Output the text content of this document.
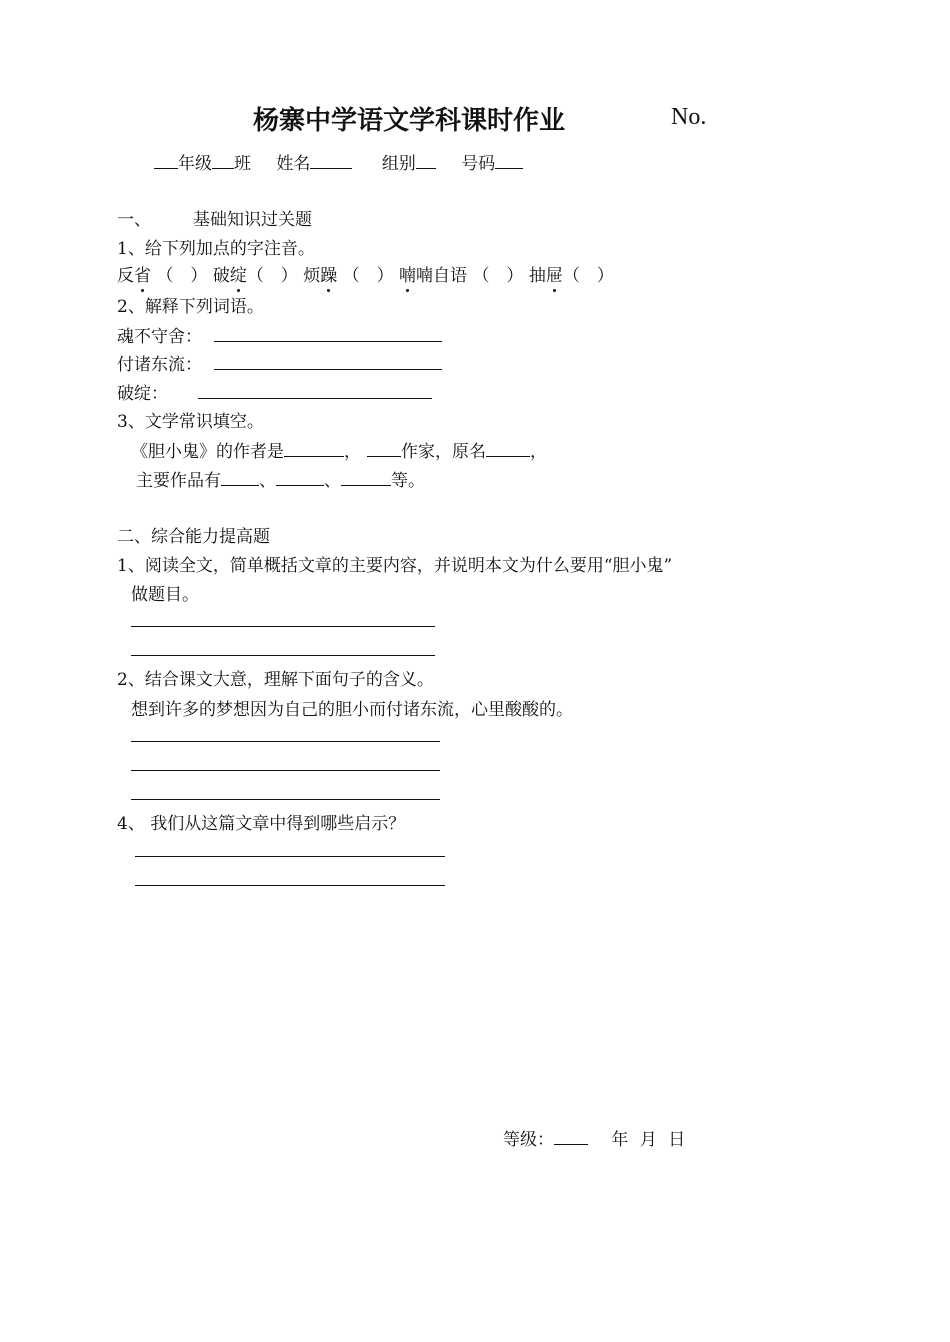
杨寨中学语文学科课时作业	No.
年级 班 姓名	组别	号码
一、 基础知识过关题
1、给下列加点的字注音。
反省 （　） 破绽（　） 烦躁 （　） 喃喃自语 （　） 抽屉（　）
2、解释下列词语。
魂不守舍：
付诸东流：
破绽：
3、文学常识填空。
《胆小鬼》的作者是	， 作家，原名	，
主要作品有 、	、	等。
二、综合能力提高题
1、阅读全文，简单概括文章的主要内容，并说明本文为什么要用“胆小鬼”
做题目。
2、结合课文大意，理解下面句子的含义。
想到许多的梦想因为自己的胆小而付诸东流，心里酸酸的。
4、 我们从这篇文章中得到哪些启示？
等级：	年 月 日
